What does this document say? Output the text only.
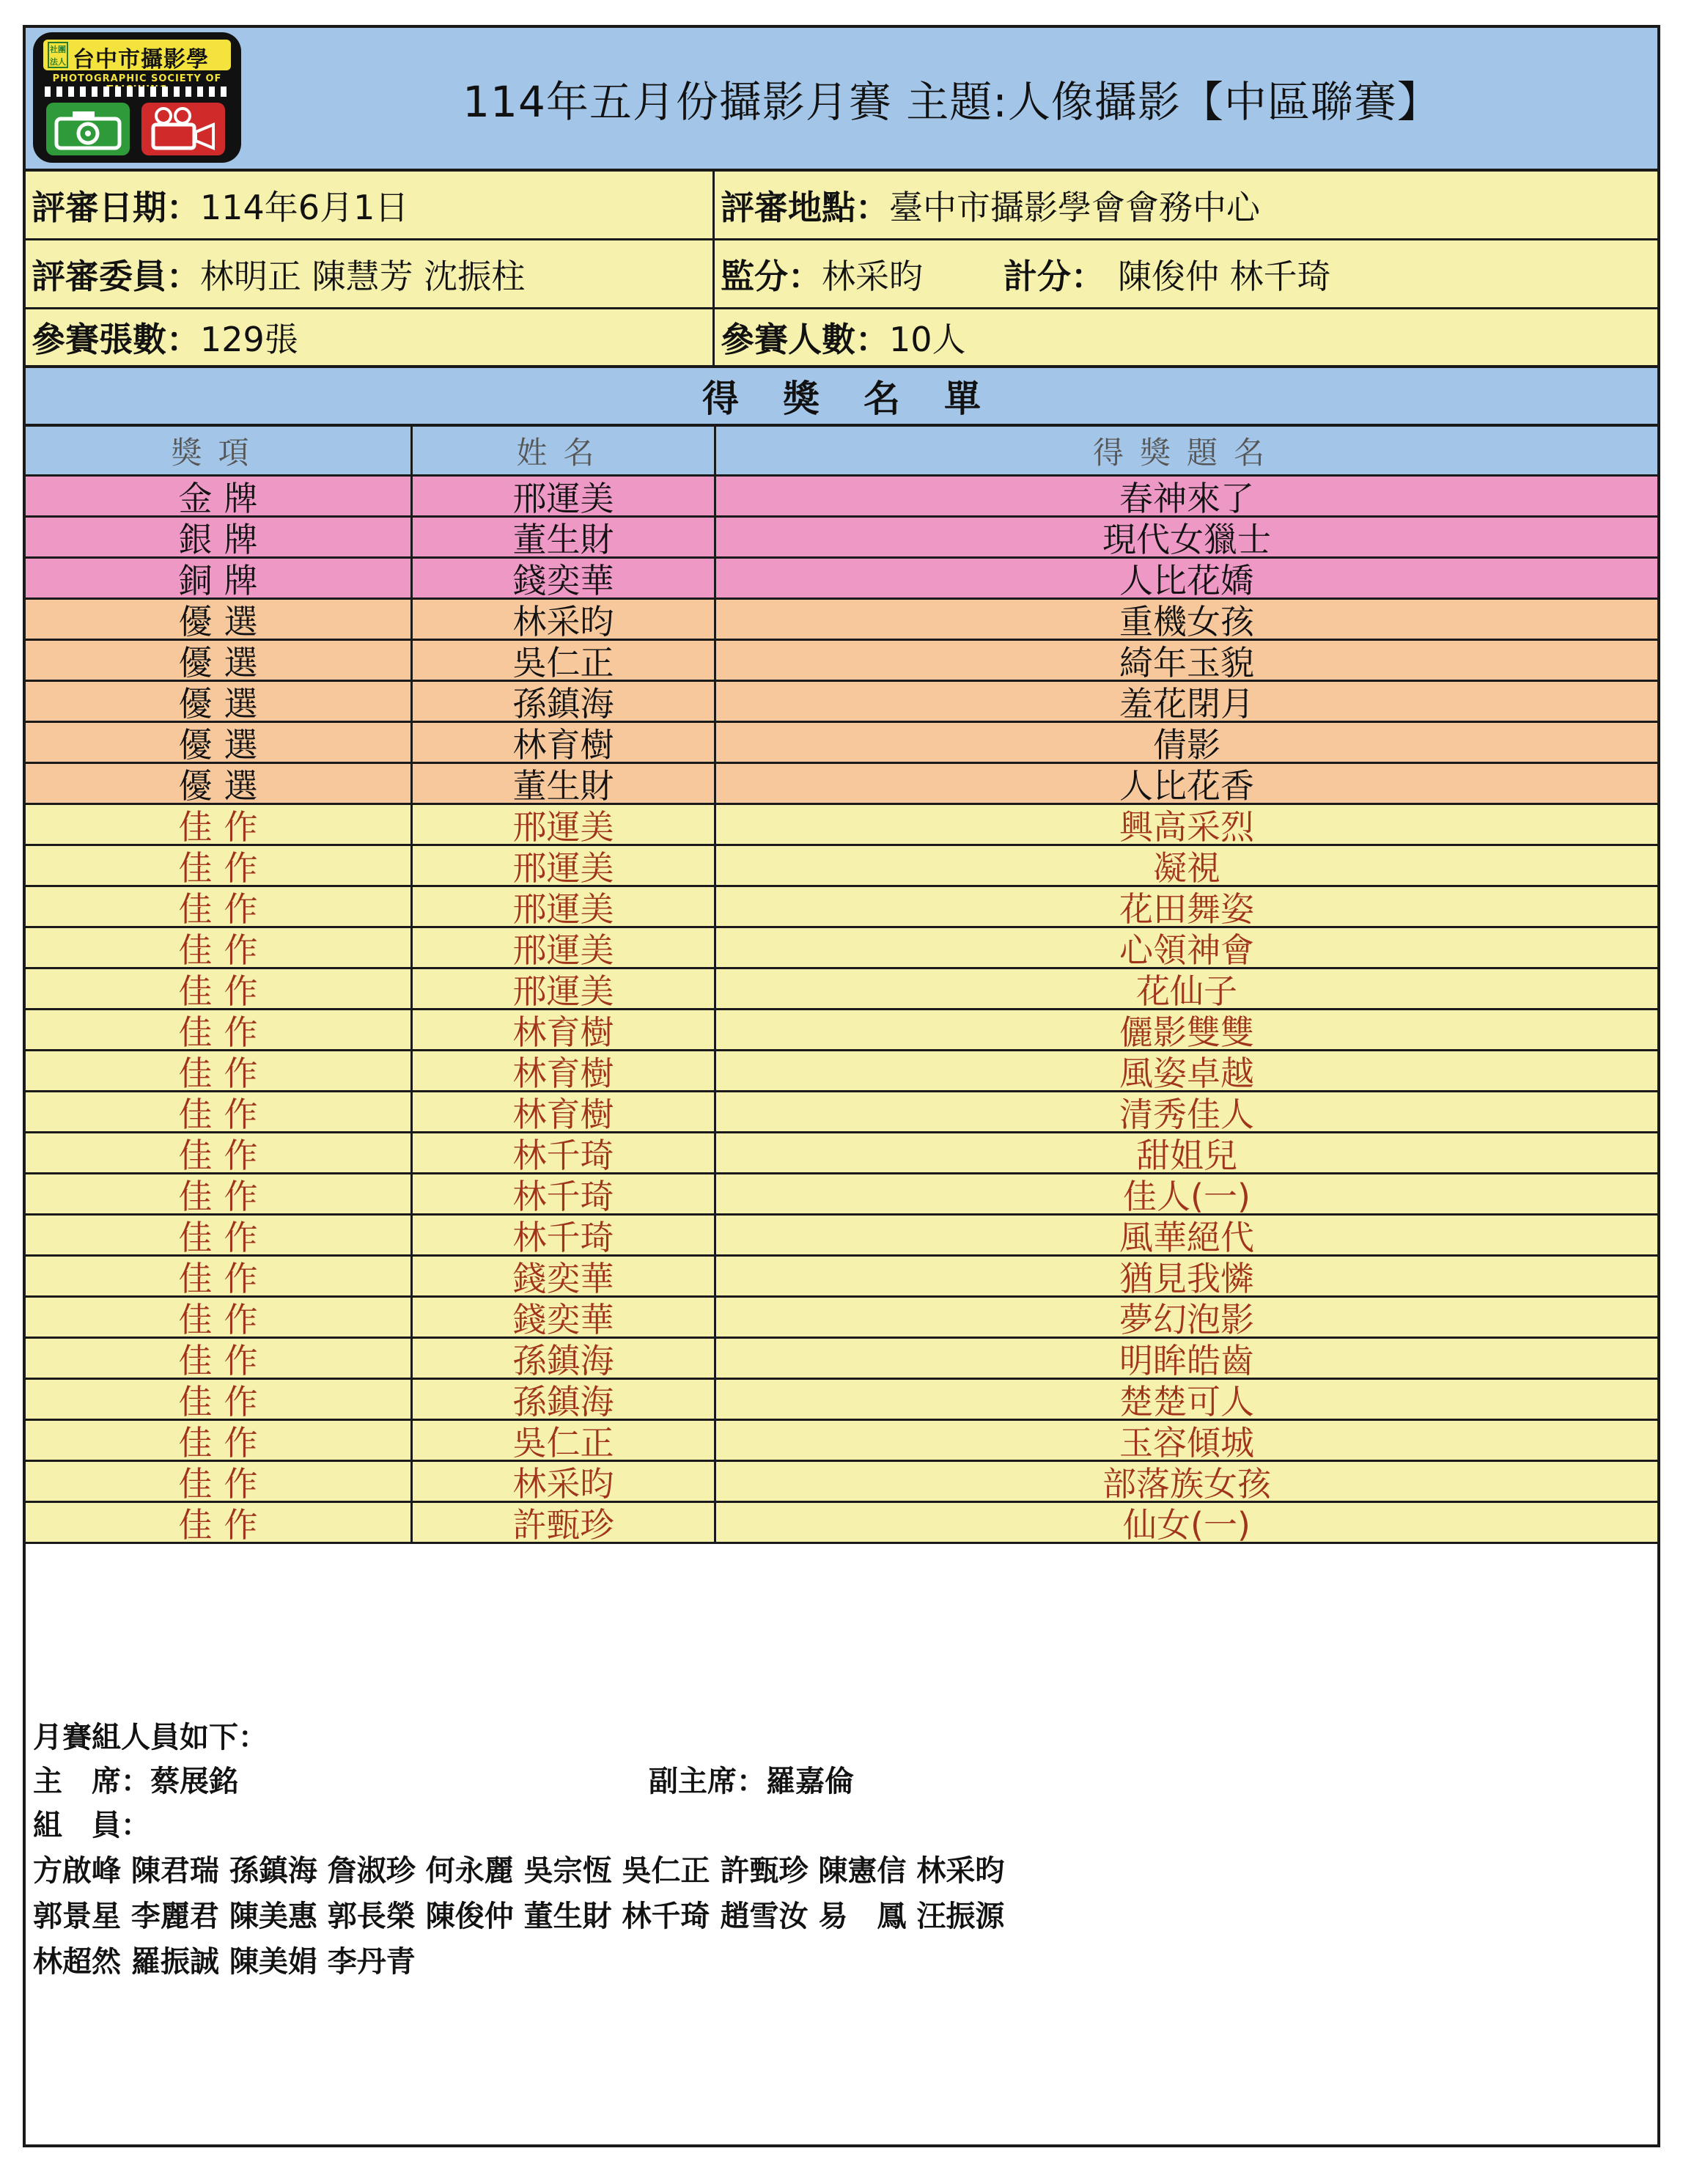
社團法人 台中市攝影學
PHOTOGRAPHIC SOCIETY OF	114年五月份攝影月賽 主題:人像攝影【中區聯賽】
評審日期： 114年6月1日	評審地點： 臺中市攝影學會會務中心
評審委員： 林明正 陳慧芳 沈振柱	監分： 林采昀 計分： 陳俊仲 林千琦
參賽張數： 129張	參賽人數： 10人
得獎名單
獎項	姓名	得獎題名
金牌	邢運美	春神來了
銀牌	董生財	現代女獵士
銅牌	錢奕華	人比花嬌
優選	林采昀	重機女孩
優選	吳仁正	綺年玉貌
優選	孫鎮海	羞花閉月
優選	林育樹	倩影
優選	董生財	人比花香
佳作	邢運美	興高采烈
佳作	邢運美	凝視
佳作	邢運美	花田舞姿
佳作	邢運美	心領神會
佳作	邢運美	花仙子
佳作	林育樹	儷影雙雙
佳作	林育樹	風姿卓越
佳作	林育樹	清秀佳人
佳作	林千琦	甜姐兒
佳作	林千琦	佳人(一)
佳作	林千琦	風華絕代
佳作	錢奕華	猶見我憐
佳作	錢奕華	夢幻泡影
佳作	孫鎮海	明眸皓齒
佳作	孫鎮海	楚楚可人
佳作	吳仁正	玉容傾城
佳作	林采昀	部落族女孩
佳作	許甄珍	仙女(一)
月賽組人員如下：
主　席：蔡展銘	副主席：羅嘉倫
組　員：
方啟峰 陳君瑞 孫鎮海 詹淑珍 何永麗 吳宗恆 吳仁正 許甄珍 陳憲信 林采昀
郭景星 李麗君 陳美惠 郭長榮 陳俊仲 董生財 林千琦 趙雪汝 易　鳳 汪振源
林超然 羅振誠 陳美娟 李丹青
